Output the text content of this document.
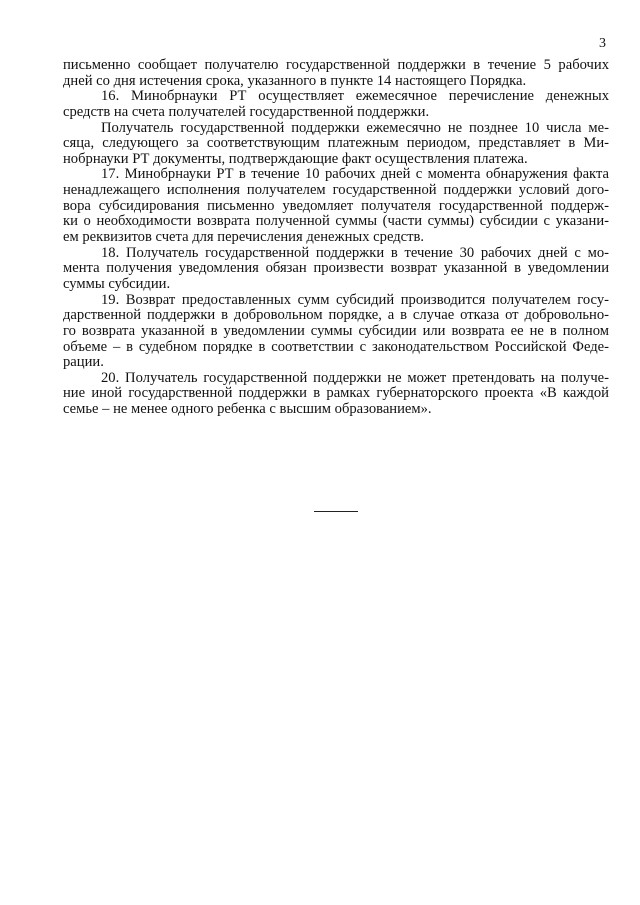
3
письменно сообщает получателю государственной поддержки в течение 5 рабочих
дней со дня истечения срока, указанного в пункте 14 настоящего Порядка.
16. Минобрнауки РТ осуществляет ежемесячное перечисление денежных
средств на счета получателей государственной поддержки.
Получатель государственной поддержки ежемесячно не позднее 10 числа ме-
сяца, следующего за соответствующим платежным периодом, представляет в Ми-
нобрнауки РТ документы, подтверждающие факт осуществления платежа.
17. Минобрнауки РТ в течение 10 рабочих дней с момента обнаружения факта
ненадлежащего исполнения получателем государственной поддержки условий дого-
вора субсидирования письменно уведомляет получателя государственной поддерж-
ки о необходимости возврата полученной суммы (части суммы) субсидии с указани-
ем реквизитов счета для перечисления денежных средств.
18. Получатель государственной поддержки в течение 30 рабочих дней с мо-
мента получения уведомления обязан произвести возврат указанной в уведомлении
суммы субсидии.
19. Возврат предоставленных сумм субсидий производится получателем госу-
дарственной поддержки в добровольном порядке, а в случае отказа от добровольно-
го возврата указанной в уведомлении суммы субсидии или возврата ее не в полном
объеме – в судебном порядке в соответствии с законодательством Российской Феде-
рации.
20. Получатель государственной поддержки не может претендовать на получе-
ние иной государственной поддержки в рамках губернаторского проекта «В каждой
семье – не менее одного ребенка с высшим образованием».
